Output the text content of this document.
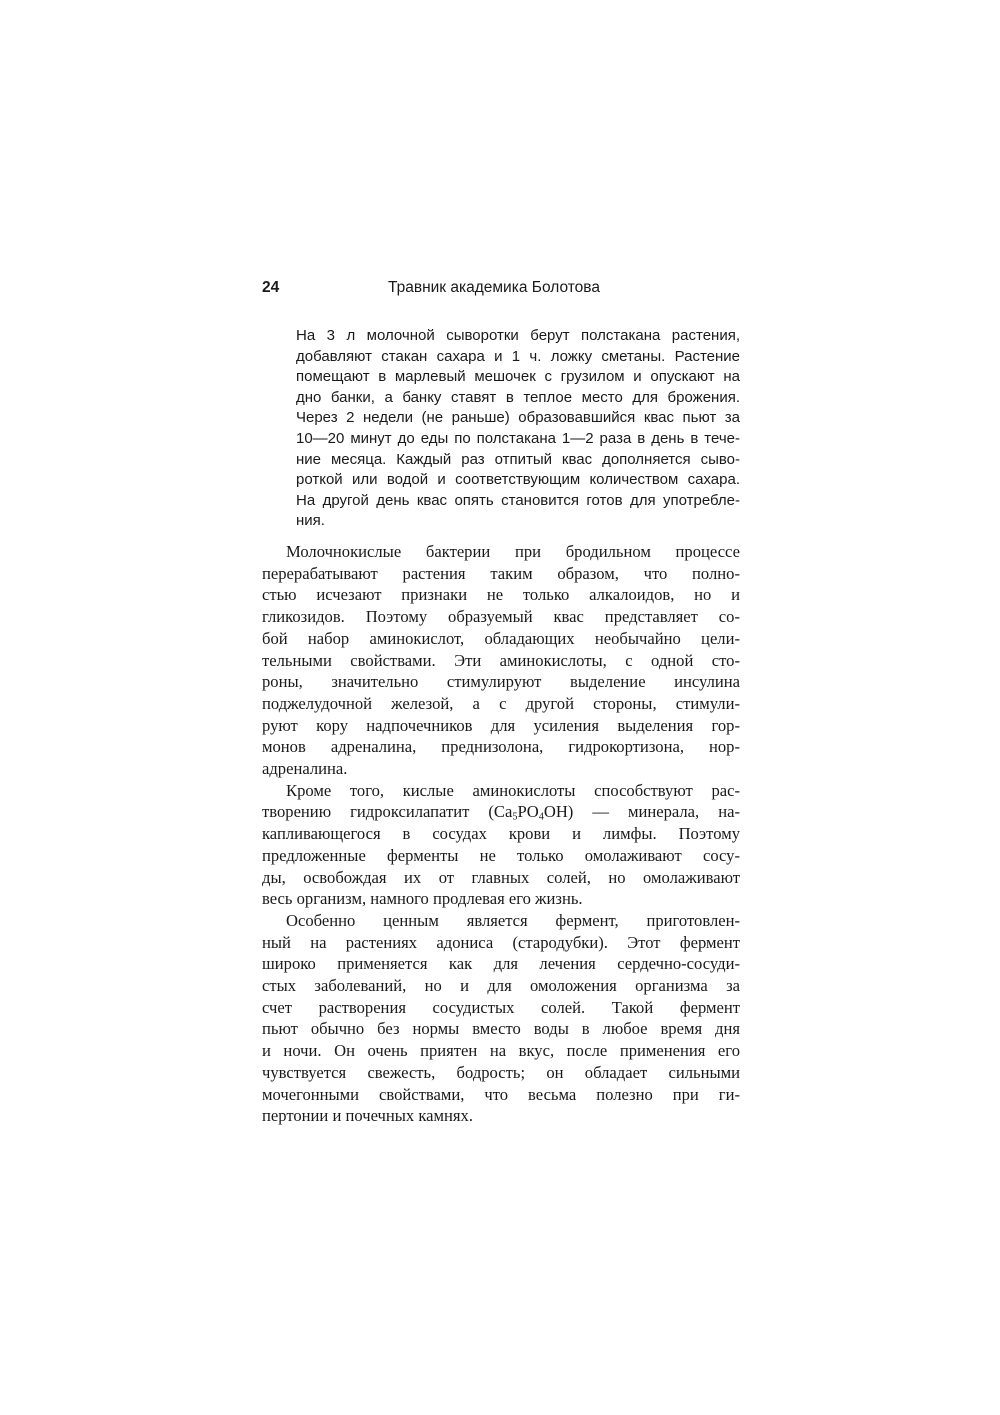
24	Травник академика Болотова
На 3 л молочной сыворотки берут полстакана растения,
добавляют стакан сахара и 1 ч. ложку сметаны. Растение
помещают в марлевый мешочек с грузилом и опускают на
дно банки, а банку ставят в теплое место для брожения.
Через 2 недели (не раньше) образовавшийся квас пьют за
10—20 минут до еды по полстакана 1—2 раза в день в тече-
ние месяца. Каждый раз отпитый квас дополняется сыво-
роткой или водой и соответствующим количеством сахара.
На другой день квас опять становится готов для употребле-
ния.
Молочнокислые бактерии при бродильном процессе
перерабатывают растения таким образом, что полно-
стью исчезают признаки не только алкалоидов, но и
гликозидов. Поэтому образуемый квас представляет со-
бой набор аминокислот, обладающих необычайно цели-
тельными свойствами. Эти аминокислоты, с одной сто-
роны, значительно стимулируют выделение инсулина
поджелудочной железой, а с другой стороны, стимули-
руют кору надпочечников для усиления выделения гор-
монов адреналина, преднизолона, гидрокортизона, нор-
адреналина.
Кроме того, кислые аминокислоты способствуют рас-
творению гидроксилапатит $(Ca_5PO_4OH)$ — минерала, на-
капливающегося в сосудах крови и лимфы. Поэтому
предложенные ферменты не только омолаживают сосу-
ды, освобождая их от главных солей, но омолаживают
весь организм, намного продлевая его жизнь.
Особенно ценным является фермент, приготовлен-
ный на растениях адониса (стародубки). Этот фермент
широко применяется как для лечения сердечно-сосуди-
стых заболеваний, но и для омоложения организма за
счет растворения сосудистых солей. Такой фермент
пьют обычно без нормы вместо воды в любое время дня
и ночи. Он очень приятен на вкус, после применения его
чувствуется свежесть, бодрость; он обладает сильными
мочегонными свойствами, что весьма полезно при ги-
пертонии и почечных камнях.
